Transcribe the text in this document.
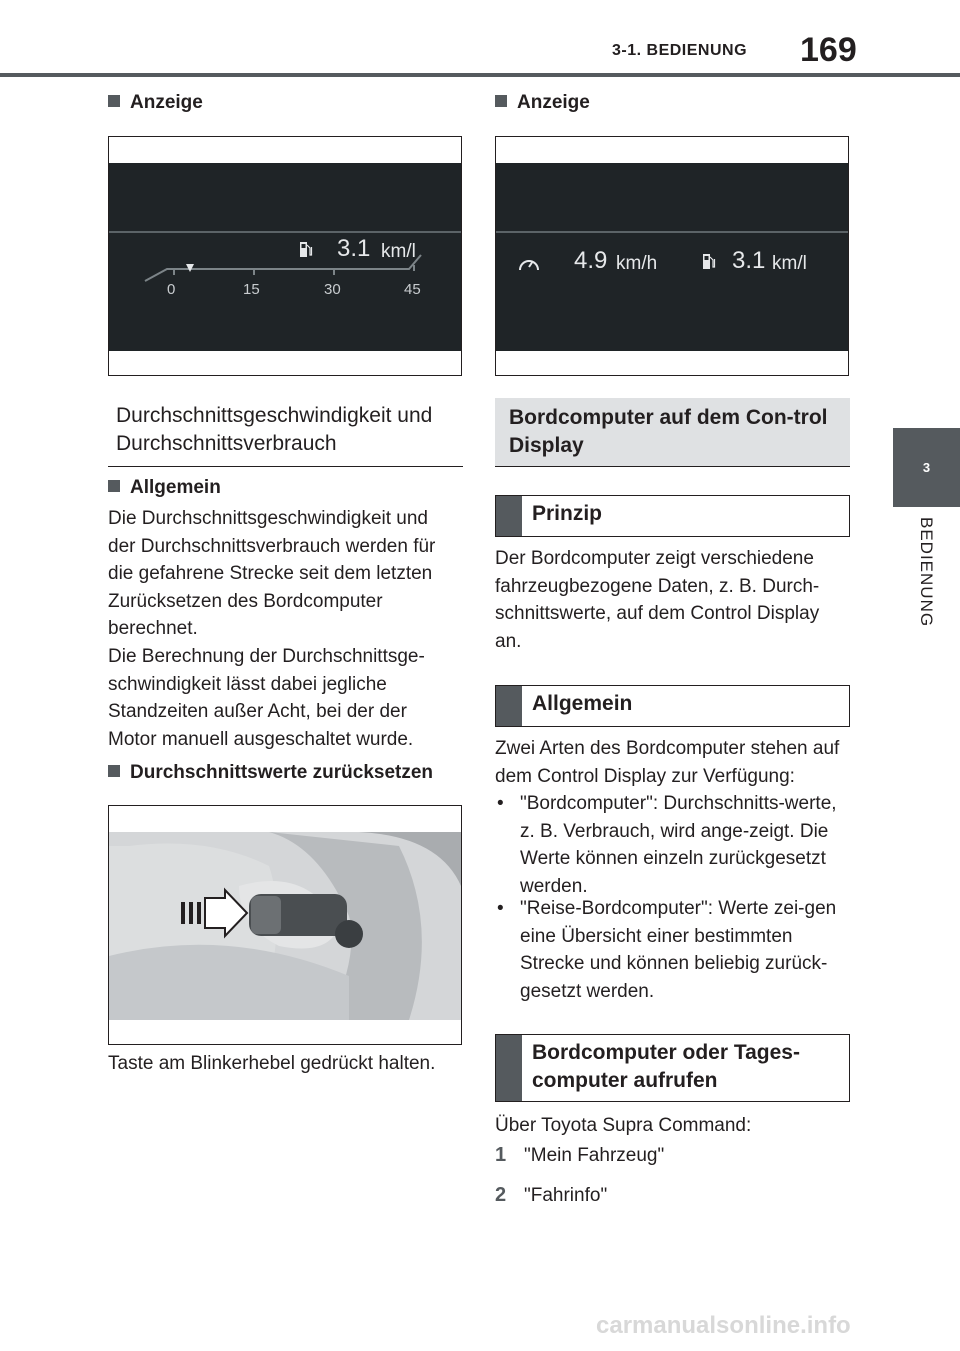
3-1. BEDIENUNG 169
3
BEDIENUNG
Anzeige
3.1 km/l
0	15	30	45
Durchschnittsgeschwindigkeit und Durchschnittsverbrauch
Allgemein
Die Durchschnittsgeschwindigkeit und der Durchschnittsverbrauch werden für die gefahrene Strecke seit dem letzten Zurücksetzen des Bordcomputer berechnet.
Die Berechnung der Durchschnittsge-schwindigkeit lässt dabei jegliche Standzeiten außer Acht, bei der der Motor manuell ausgeschaltet wurde.
Durchschnittswerte zurücksetzen
Taste am Blinkerhebel gedrückt halten.
Anzeige
4.9 km/h	3.1 km/l
Bordcomputer auf dem Con-trol Display
Prinzip
Der Bordcomputer zeigt verschiedene fahrzeugbezogene Daten, z. B. Durch-schnittswerte, auf dem Control Display an.
Allgemein
Zwei Arten des Bordcomputer stehen auf dem Control Display zur Verfügung:
• "Bordcomputer": Durchschnitts-werte, z. B. Verbrauch, wird ange-zeigt. Die Werte können einzeln zurückgesetzt werden.
• "Reise-Bordcomputer": Werte zei-gen eine Übersicht einer bestimmten Strecke und können beliebig zurück-gesetzt werden.
Bordcomputer oder Tages-computer aufrufen
Über Toyota Supra Command:
1 "Mein Fahrzeug"
2 "Fahrinfo"
carmanualsonline.info
